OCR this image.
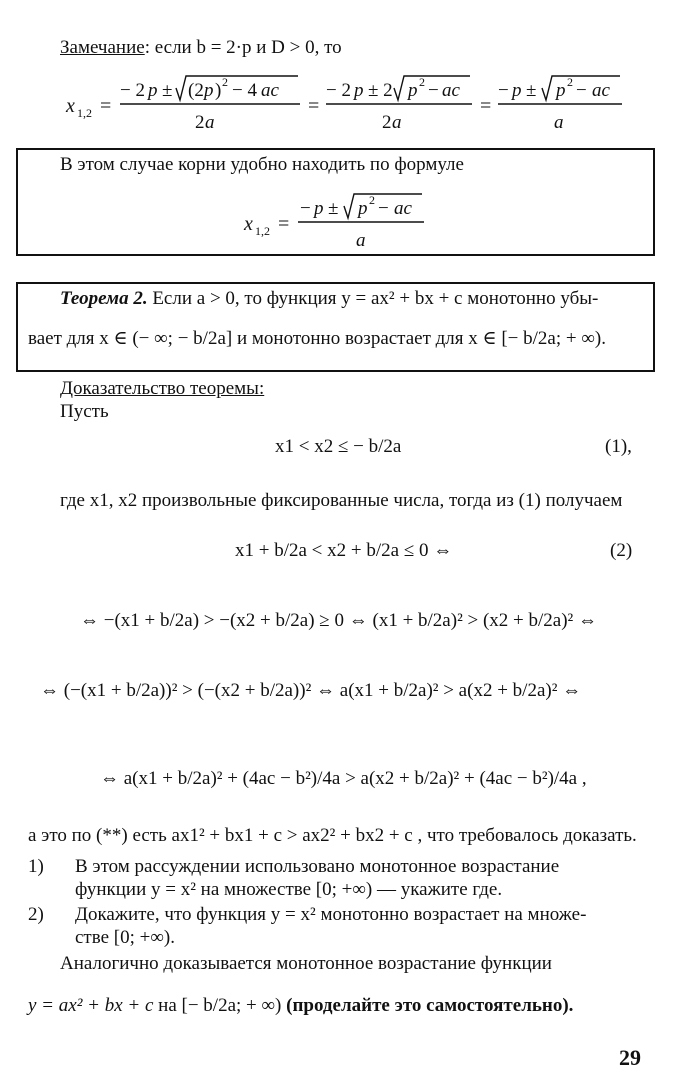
Замечание: если b = 2·p и D > 0, то
x 1,2 =
− 2 p ± (2 p ) 2 − 4 ac
2 a
=
− 2 p ± 2 p 2 − ac
2 a
=
− p ± p 2 − ac
a
В этом случае корни удобно находить по формуле
x 1,2 =
− p ± p 2 − ac
a
Теорема 2. Если a > 0, то функция y = ax² + bx + c монотонно убы-
вает для x ∈ (− ∞; − b/2a] и монотонно возрастает для x ∈ [− b/2a; + ∞).
Доказательство теоремы:
Пусть
x1 < x2 ≤ − b/2a	(1),
где x1, x2 произвольные фиксированные числа, тогда из (1) получаем
x1 + b/2a < x2 + b/2a ≤ 0 ⇔	(2)
⇔ −(x1 + b/2a) > −(x2 + b/2a) ≥ 0 ⇔ (x1 + b/2a)² > (x2 + b/2a)² ⇔
⇔ (−(x1 + b/2a))² > (−(x2 + b/2a))² ⇔ a(x1 + b/2a)² > a(x2 + b/2a)² ⇔
⇔ a(x1 + b/2a)² + (4ac − b²)/4a > a(x2 + b/2a)² + (4ac − b²)/4a ,
а это по (**) есть ax1² + bx1 + c > ax2² + bx2 + c , что требовалось доказать.
1) В этом рассуждении использовано монотонное возрастание
функции y = x² на множестве [0; +∞) — укажите где.
2) Докажите, что функция y = x² монотонно возрастает на множе-
стве [0; +∞).
Аналогично доказывается монотонное возрастание функции
y = ax² + bx + c на [− b/2a; + ∞) (проделайте это самостоятельно).
29
